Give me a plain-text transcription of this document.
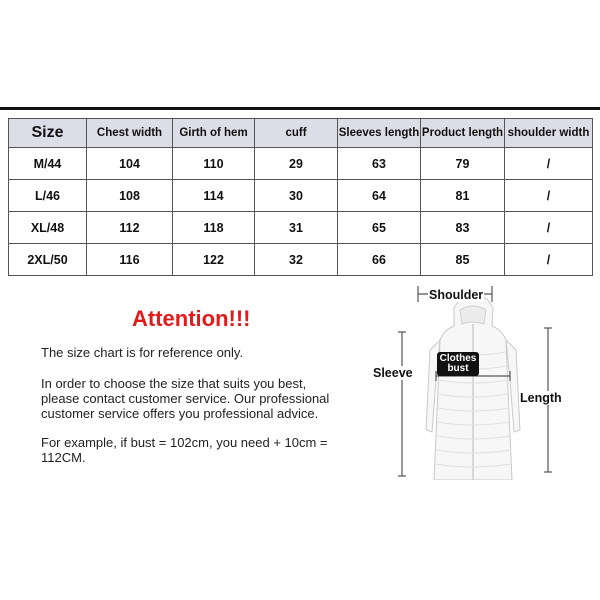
Size	Chest width	Girth of hem	cuff	Sleeves length	Product length	shoulder width
M/44	104	110	29	63	79	/
L/46	108	114	30	64	81	/
XL/48	112	118	31	65	83	/
2XL/50	116	122	32	66	85	/
Attention!!!

The size chart is for reference only.

In order to choose the size that suits you best, please contact customer service. Our professional customer service offers you professional advice.

For example, if bust = 102cm, you need + 10cm = 112CM.

Shoulder
Sleeve
Length
Clothes
bust
